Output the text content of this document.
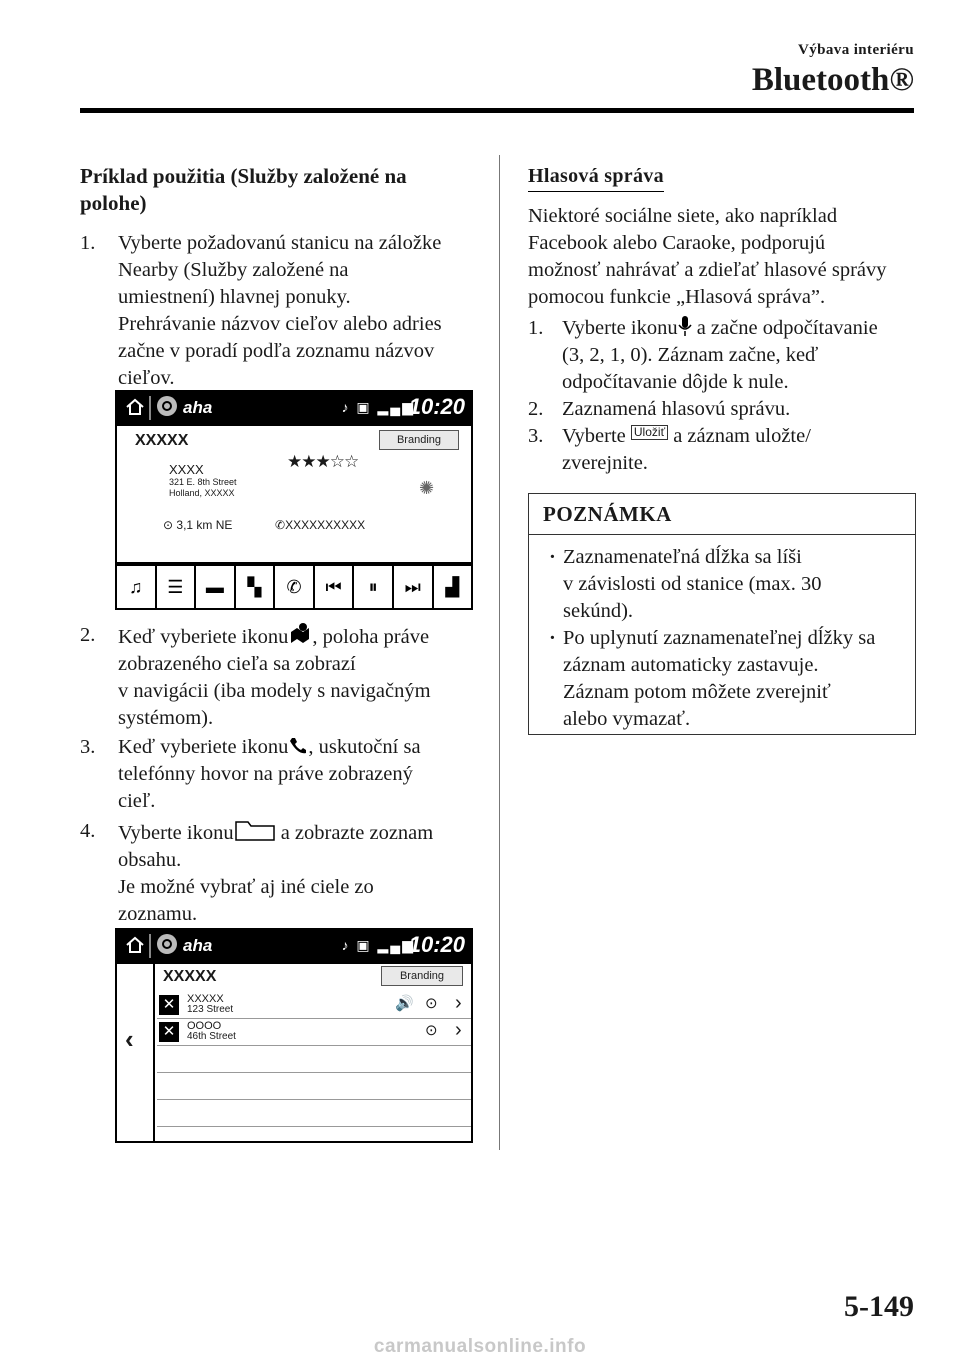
Výbava interiéru
Bluetooth®
Príklad použitia (Služby založené na
polohe)
1. Vyberte požadovanú stanicu na záložke
Nearby (Služby založené na
umiestnení) hlavnej ponuky.
Prehrávanie názvov cieľov alebo adries
začne v poradí podľa zoznamu názvov
cieľov.
aha	♪ ▣ ▂▄▆
10:20
XXXXX	Branding
XXXX
321 E. 8th Street
Holland, XXXXX
★★★☆☆
✺
⊙ 3,1 km NE	✆XXXXXXXXXX
♫	☰	▬	▚	✆	⏮	⏸	⏭	▟
2. Keď vyberiete ikonu , poloha práve
zobrazeného cieľa sa zobrazí
v navigácii (iba modely s navigačným
systémom).
3. Keď vyberiete ikonu , uskutoční sa
telefónny hovor na práve zobrazený
cieľ.
4. Vyberte ikonu a zobrazte zoznam
obsahu.
Je možné vybrať aj iné ciele zo
zoznamu.
aha	♪ ▣ ▂▄▆
10:20
‹
XXXXX	Branding
✕	XXXXX
123 Street	🔊 ⊙ ›
✕	OOOO
46th Street	⊙ ›
Hlasová správa
Niektoré sociálne siete, ako napríklad
Facebook alebo Caraoke, podporujú
možnosť nahrávať a zdieľať hlasové správy
pomocou funkcie „Hlasová správa”.
1. Vyberte ikonu a začne odpočítavanie
(3, 2, 1, 0). Záznam začne, keď
odpočítavanie dôjde k nule.
2. Zaznamená hlasovú správu.
3. Vyberte Uložiť a záznam uložte/
zverejnite.
POZNÁMKA
· Zaznamenateľná dĺžka sa líši
v závislosti od stanice (max. 30
sekúnd).
· Po uplynutí zaznamenateľnej dĺžky sa
záznam automaticky zastavuje.
Záznam potom môžete zverejniť
alebo vymazať.
5-149
carmanualsonline.info
